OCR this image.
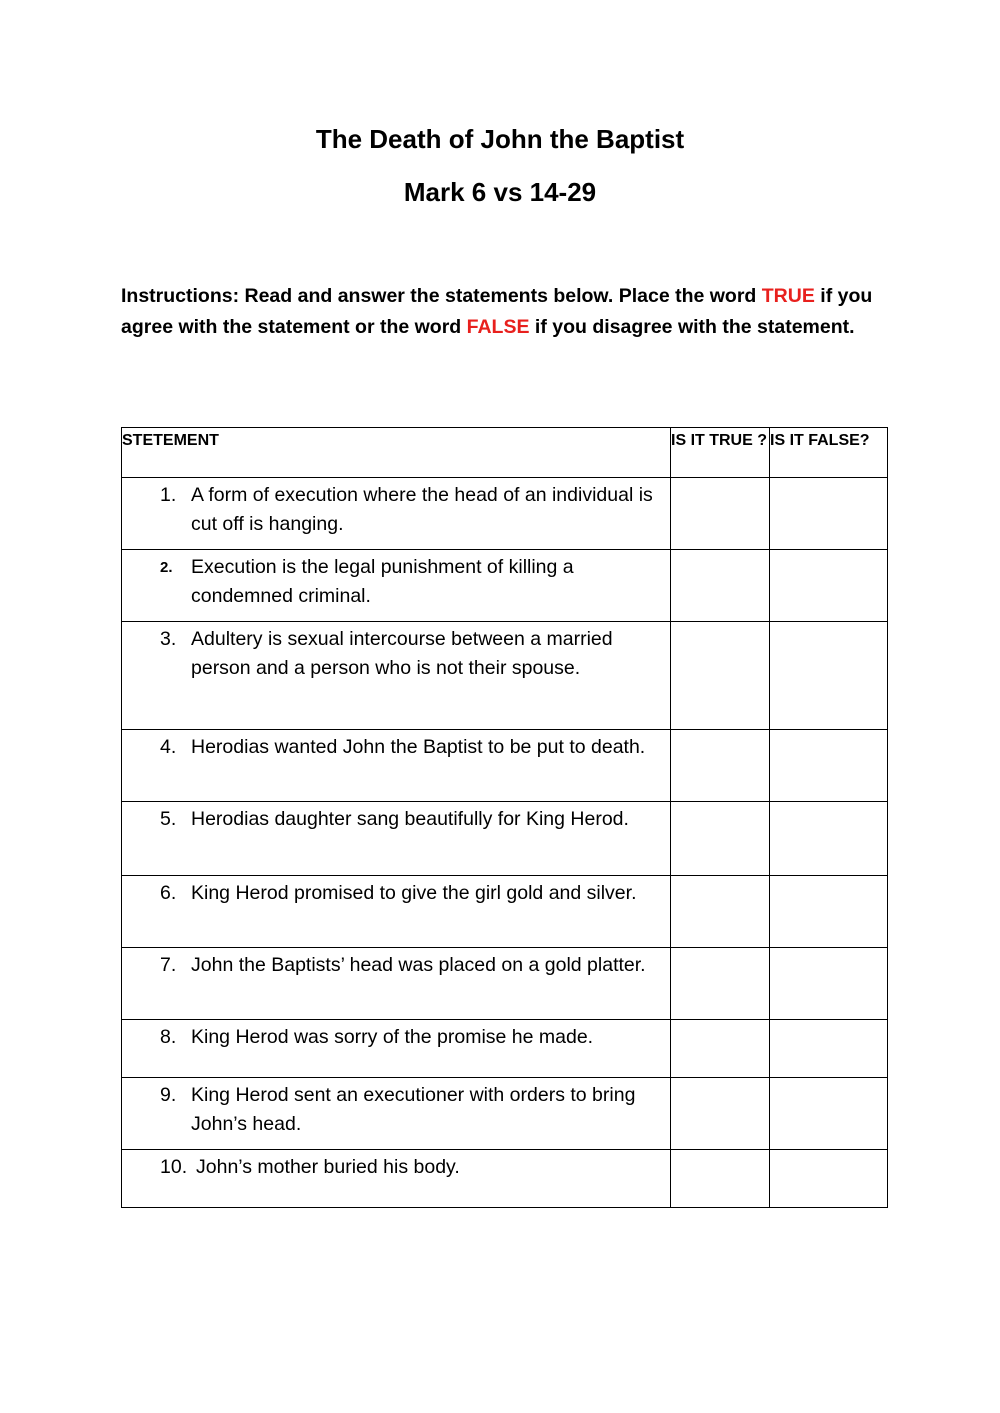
The Death of John the Baptist
Mark 6 vs 14-29

Instructions: Read and answer the statements below. Place the word TRUE if you agree with the statement or the word FALSE if you disagree with the statement.

STETEMENT	IS IT TRUE ?	IS IT FALSE?

1. A form of execution where the head of an individual is cut off is hanging.		

2. Execution is the legal punishment of killing a condemned criminal.		

3. Adultery is sexual intercourse between a married person and a person who is not their spouse.		

4. Herodias wanted John the Baptist to be put to death.		

5. Herodias daughter sang beautifully for King Herod.		

6. King Herod promised to give the girl gold and silver.		

7. John the Baptists’ head was placed on a gold platter.		

8. King Herod was sorry of the promise he made.		

9. King Herod sent an executioner with orders to bring John’s head.		

10. John’s mother buried his body.		
